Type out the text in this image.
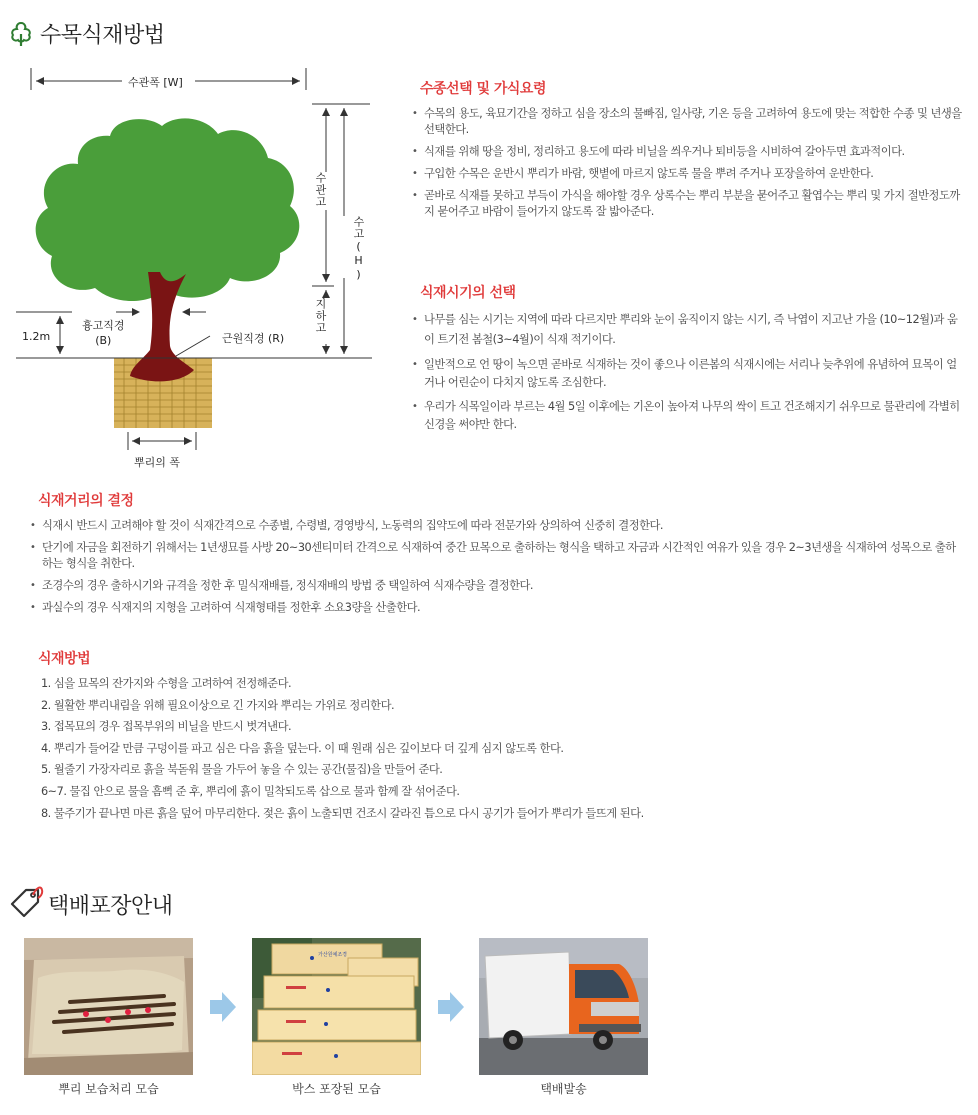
수목식재방법
수관폭 [W]
수관고
수고(H)
지하고
1.2m
흉고직경
(B)	근원직경 (R)
뿌리의 폭
수종선택 및 가식요령
• 수목의 용도, 육묘기간을 정하고 심을 장소의 물빠짐, 일사량, 기온 등을 고려하여 용도에 맞는 적합한 수종 및 년생을 선택한다.
• 식재를 위해 땅을 정비, 정리하고 용도에 따라 비닐을 씌우거나 퇴비등을 시비하여 갈아두면 효과적이다.
• 구입한 수목은 운반시 뿌리가 바람, 햇볕에 마르지 않도록 물을 뿌려 주거나 포장을하여 운반한다.
• 곧바로 식재를 못하고 부득이 가식을 해야할 경우 상록수는 뿌리 부분을 묻어주고 활엽수는 뿌리 및 가지 절반정도까지 묻어주고 바람이 들어가지 않도록 잘 밟아준다.
식재시기의 선택
• 나무를 심는 시기는 지역에 따라 다르지만 뿌리와 눈이 움직이지 않는 시기, 즉 낙엽이 지고난 가을 (10~12월)과 움이 트기전 봄철(3~4월)이 식재 적기이다.
• 일반적으로 언 땅이 녹으면 곧바로 식재하는 것이 좋으나 이른봄의 식재시에는 서리나 늦추위에 유념하여 묘목이 얼거나 어린순이 다치지 않도록 조심한다.
• 우리가 식목일이라 부르는 4월 5일 이후에는 기온이 높아져 나무의 싹이 트고 건조해지기 쉬우므로 물관리에 각별히 신경을 써야만 한다.
식재거리의 결정
• 식재시 반드시 고려해야 할 것이 식재간격으로 수종별, 수령별, 경영방식, 노동력의 집약도에 따라 전문가와 상의하여 신중히 결정한다.
• 단기에 자금을 회전하기 위해서는 1년생묘를 사방 20~30센티미터 간격으로 식재하여 중간 묘목으로 출하하는 형식을 택하고 자금과 시간적인 여유가 있을 경우 2~3년생을 식재하여 성목으로 출하하는 형식을 취한다.
• 조경수의 경우 출하시기와 규격을 정한 후 밀식재배를, 정식재배의 방법 중 택일하여 식재수량을 결정한다.
• 과실수의 경우 식재지의 지형을 고려하여 식재형태를 정한후 소요3량을 산출한다.
식재방법
1. 심을 묘목의 잔가지와 수형을 고려하여 전정해준다.
2. 월활한 뿌리내림을 위해 필요이상으로 긴 가지와 뿌리는 가위로 정리한다.
3. 접목묘의 경우 접목부위의 비닐을 반드시 벗겨낸다.
4. 뿌리가 들어갈 만큼 구덩이를 파고 심은 다음 흙을 덮는다. 이 때 원래 심은 깊이보다 더 깊게 심지 않도록 한다.
5. 월줄기 가장자리로 흙을 북돋워 물을 가두어 놓을 수 있는 공간(물집)을 만들어 준다.
6~7. 물집 안으로 물을 흠뻑 준 후, 뿌리에 흙이 밀착되도록 삽으로 물과 함께 잘 섞어준다.
8. 물주기가 끝나면 마른 흙을 덮어 마무리한다. 젖은 흙이 노출되면 건조시 갈라진 틈으로 다시 공기가 들어가 뿌리가 들뜨게 된다.
택배포장안내
가산원예조경
뿌리 보습처리 모습	박스 포장된 모습	택배발송
